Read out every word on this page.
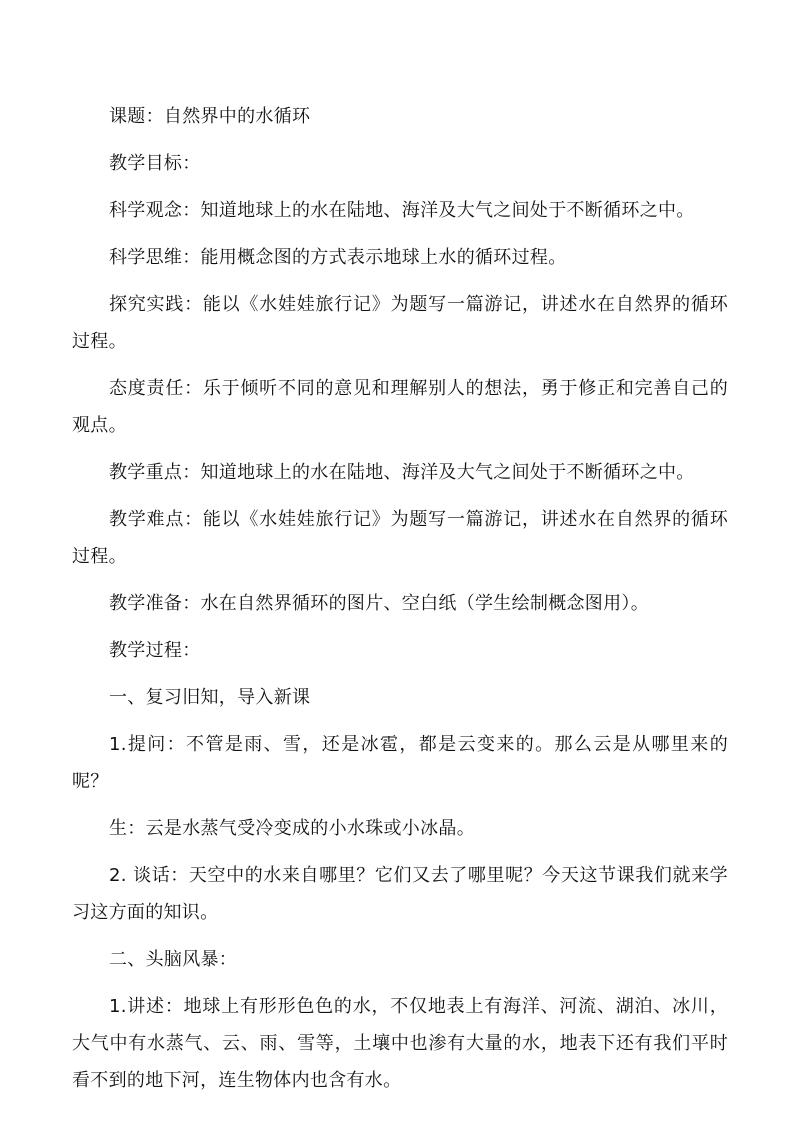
课题：自然界中的水循环

教学目标：

科学观念：知道地球上的水在陆地、海洋及大气之间处于不断循环之中。

科学思维：能用概念图的方式表示地球上水的循环过程。

探究实践：能以《水娃娃旅行记》为题写一篇游记，讲述水在自然界的循环过程。

态度责任：乐于倾听不同的意见和理解别人的想法，勇于修正和完善自己的观点。

教学重点：知道地球上的水在陆地、海洋及大气之间处于不断循环之中。

教学难点：能以《水娃娃旅行记》为题写一篇游记，讲述水在自然界的循环过程。

教学准备：水在自然界循环的图片、空白纸（学生绘制概念图用）。

教学过程：

一、复习旧知，导入新课

1.提问：不管是雨、雪，还是冰雹，都是云变来的。那么云是从哪里来的呢？

生：云是水蒸气受冷变成的小水珠或小冰晶。

2. 谈话：天空中的水来自哪里？它们又去了哪里呢？今天这节课我们就来学习这方面的知识。

二、头脑风暴：

1.讲述：地球上有形形色色的水，不仅地表上有海洋、河流、湖泊、冰川，大气中有水蒸气、云、雨、雪等，土壤中也渗有大量的水，地表下还有我们平时看不到的地下河，连生物体内也含有水。
